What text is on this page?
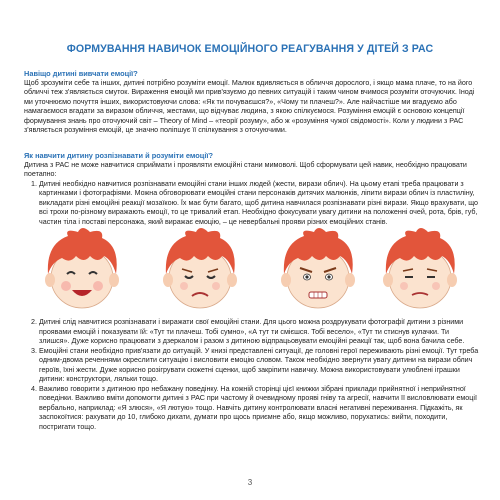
ФОРМУВАННЯ НАВИЧОК ЕМОЦІЙНОГО РЕАГУВАННЯ У ДІТЕЙ З РАС
Навіщо дитині вивчати емоції?

Щоб зрозуміти себе та інших, дитині потрібно розуміти емоції. Малюк вдивляється в обличчя дорослого, і якщо мама плаче, то на його обличчі теж з'являється смуток. Вираження емоцій ми прив'язуємо до певних ситуацій і таким чином вчимося розуміти оточуючих. Іноді ми уточнюємо почуття інших, використовуючи слова: «Як ти почуваєшся?», «Чому ти плачеш?». Але найчастіше ми вгадуємо або намагаємося вгадати за виразом обличчя, жестами, що відчуває людина, з якою спілкуємося. Розуміння емоцій є основою концепції формування знань про оточуючий світ – Theory of Mind – «теорії розуму», або ж «розуміння чужої свідомості». Коли у людини з РАС з'являється розуміння емоцій, це значно поліпшує її спілкування з оточуючими.

Як навчити дитину розпізнавати й розуміти емоції?

Дитина з РАС не може навчитися сприймати і проявляти емоційні стани мимоволі. Щоб сформувати цей навик, необхідно працювати поетапно:

1. Дитині необхідно навчитися розпізнавати емоційні стани інших людей (жести, вирази облич). На цьому етапі треба працювати з картинками і фотографіями. Можна обговорювати емоційні стани персонажів дитячих малюнків, ліпити вирази облич із пластиліну, викладати різні емоційні реакції мозаїкою. Їх має бути багато, щоб дитина навчилася розпізнавати різні вирази. Якщо врахувати, що всі трохи по-різному виражають емоції, то це тривалий етап. Необхідно фокусувати увагу дитини на положенні очей, рота, брів, губ, частин тіла і поставі персонажа, який виражає емоцію, – це невербальні прояви різних емоційних станів.
2. Дитині слід навчитися розпізнавати і виражати свої емоційні стани. Для цього можна роздрукувати фотографії дитини з різними проявами емоцій і показувати їй: «Тут ти плачеш. Тобі сумно», «А тут ти смієшся. Тобі весело», «Тут ти стиснув кулачки. Ти злишся». Дуже корисно працювати з дзеркалом і разом з дитиною відпрацьовувати емоційні реакції так, щоб вона бачила себе.
3. Емоційні стани необхідно прив'язати до ситуацій. У книзі представлені ситуації, де головні герої переживають різні емоції. Тут треба одним-двома реченнями окреслити ситуацію і висловити емоцію словом. Також необхідно звернути увагу дитини на вирази облич героїв, їхні жести. Дуже корисно розігрувати сюжетні сценки, щоб закріпити навичку. Можна використовувати улюблені іграшки дитини: конструктори, ляльки тощо.
4. Важливо говорити з дитиною про небажану поведінку. На кожній сторінці цієї книжки зібрані приклади прийнятної і неприйнятної поведінки. Важливо вміти допомогти дитині з РАС при частому й очевидному прояві гніву та агресії, навчити її висловлювати емоції вербально, наприклад: «Я злюся», «Я лютую» тощо. Навчіть дитину контролювати власні негативні переживання. Підкажіть, як заспокоїтися: рахувати до 10, глибоко дихати, думати про щось приємне або, якщо можливо, порухатись: вийти, походити, постригати тощо.
3
